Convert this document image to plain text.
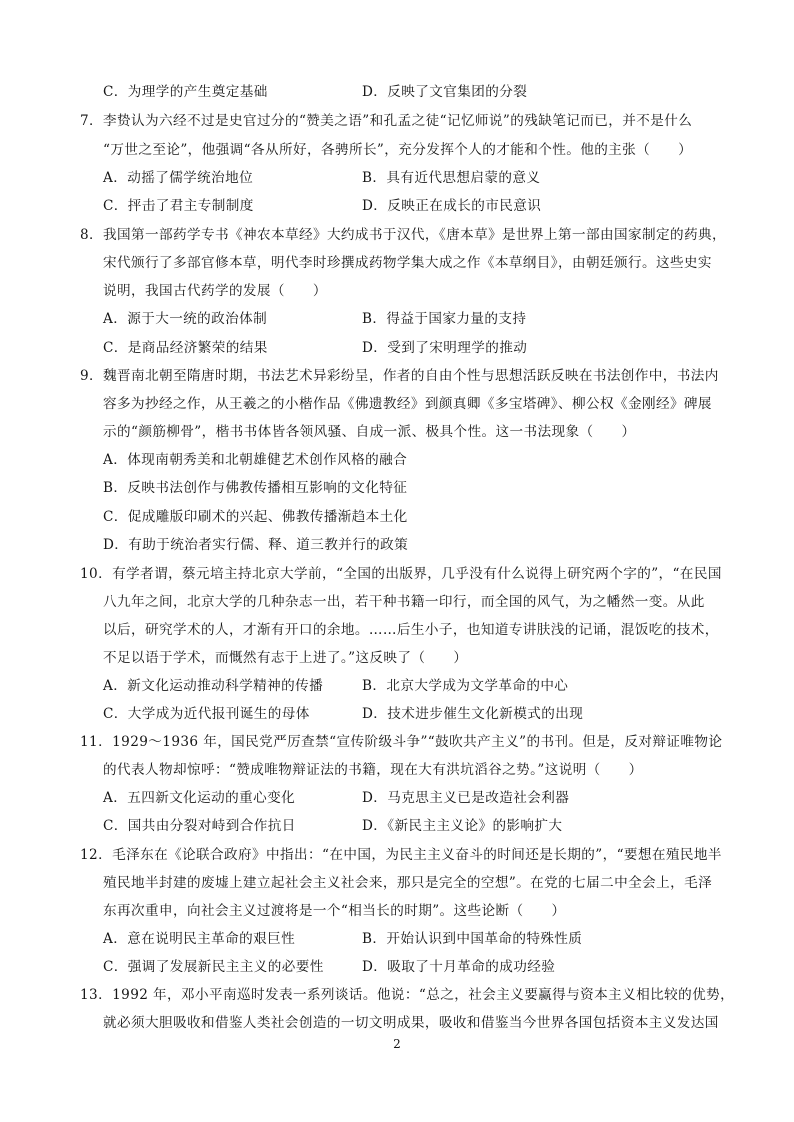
C．为理学的产生奠定基础	D．反映了文官集团的分裂
7．李贽认为六经不过是史官过分的“赞美之语”和孔孟之徒“记忆师说”的残缺笔记而已，并不是什么
“万世之至论”，他强调“各从所好，各骋所长”，充分发挥个人的才能和个性。他的主张（　　）
A．动摇了儒学统治地位	B．具有近代思想启蒙的意义
C．抨击了君主专制制度	D．反映正在成长的市民意识
8．我国第一部药学专书《神农本草经》大约成书于汉代，《唐本草》是世界上第一部由国家制定的药典，
宋代颁行了多部官修本草，明代李时珍撰成药物学集大成之作《本草纲目》，由朝廷颁行。这些史实
说明，我国古代药学的发展（　　）
A．源于大一统的政治体制	B．得益于国家力量的支持
C．是商品经济繁荣的结果	D．受到了宋明理学的推动
9．魏晋南北朝至隋唐时期，书法艺术异彩纷呈，作者的自由个性与思想活跃反映在书法创作中，书法内
容多为抄经之作，从王羲之的小楷作品《佛遗教经》到颜真卿《多宝塔碑》、柳公权《金刚经》碑展
示的“颜筋柳骨”，楷书书体皆各领风骚、自成一派、极具个性。这一书法现象（　　）
A．体现南朝秀美和北朝雄健艺术创作风格的融合
B．反映书法创作与佛教传播相互影响的文化特征
C．促成雕版印刷术的兴起、佛教传播渐趋本土化
D．有助于统治者实行儒、释、道三教并行的政策
10．有学者谓，蔡元培主持北京大学前，“全国的出版界，几乎没有什么说得上研究两个字的”，“在民国
八九年之间，北京大学的几种杂志一出，若干种书籍一印行，而全国的风气，为之幡然一变。从此
以后，研究学术的人，才渐有开口的余地。……后生小子，也知道专讲肤浅的记诵，混饭吃的技术，
不足以语于学术，而慨然有志于上进了。”这反映了（　　）
A．新文化运动推动科学精神的传播	B．北京大学成为文学革命的中心
C．大学成为近代报刊诞生的母体	D．技术进步催生文化新模式的出现
11．1929～1936 年，国民党严厉查禁“宣传阶级斗争”“鼓吹共产主义”的书刊。但是，反对辩证唯物论
的代表人物却惊呼：“赞成唯物辩证法的书籍，现在大有洪坑滔谷之势。”这说明（　　）
A．五四新文化运动的重心变化	D．马克思主义已是改造社会利器
C．国共由分裂对峙到合作抗日	D．《新民主主义论》的影响扩大
12．毛泽东在《论联合政府》中指出：“在中国，为民主主义奋斗的时间还是长期的”，“要想在殖民地半
殖民地半封建的废墟上建立起社会主义社会来，那只是完全的空想”。在党的七届二中全会上，毛泽
东再次重申，向社会主义过渡将是一个“相当长的时期”。这些论断（　　）
A．意在说明民主革命的艰巨性	B．开始认识到中国革命的特殊性质
C．强调了发展新民主主义的必要性	D．吸取了十月革命的成功经验
13．1992 年，邓小平南巡时发表一系列谈话。他说：“总之，社会主义要赢得与资本主义相比较的优势，
就必须大胆吸收和借鉴人类社会创造的一切文明成果，吸收和借鉴当今世界各国包括资本主义发达国
2
